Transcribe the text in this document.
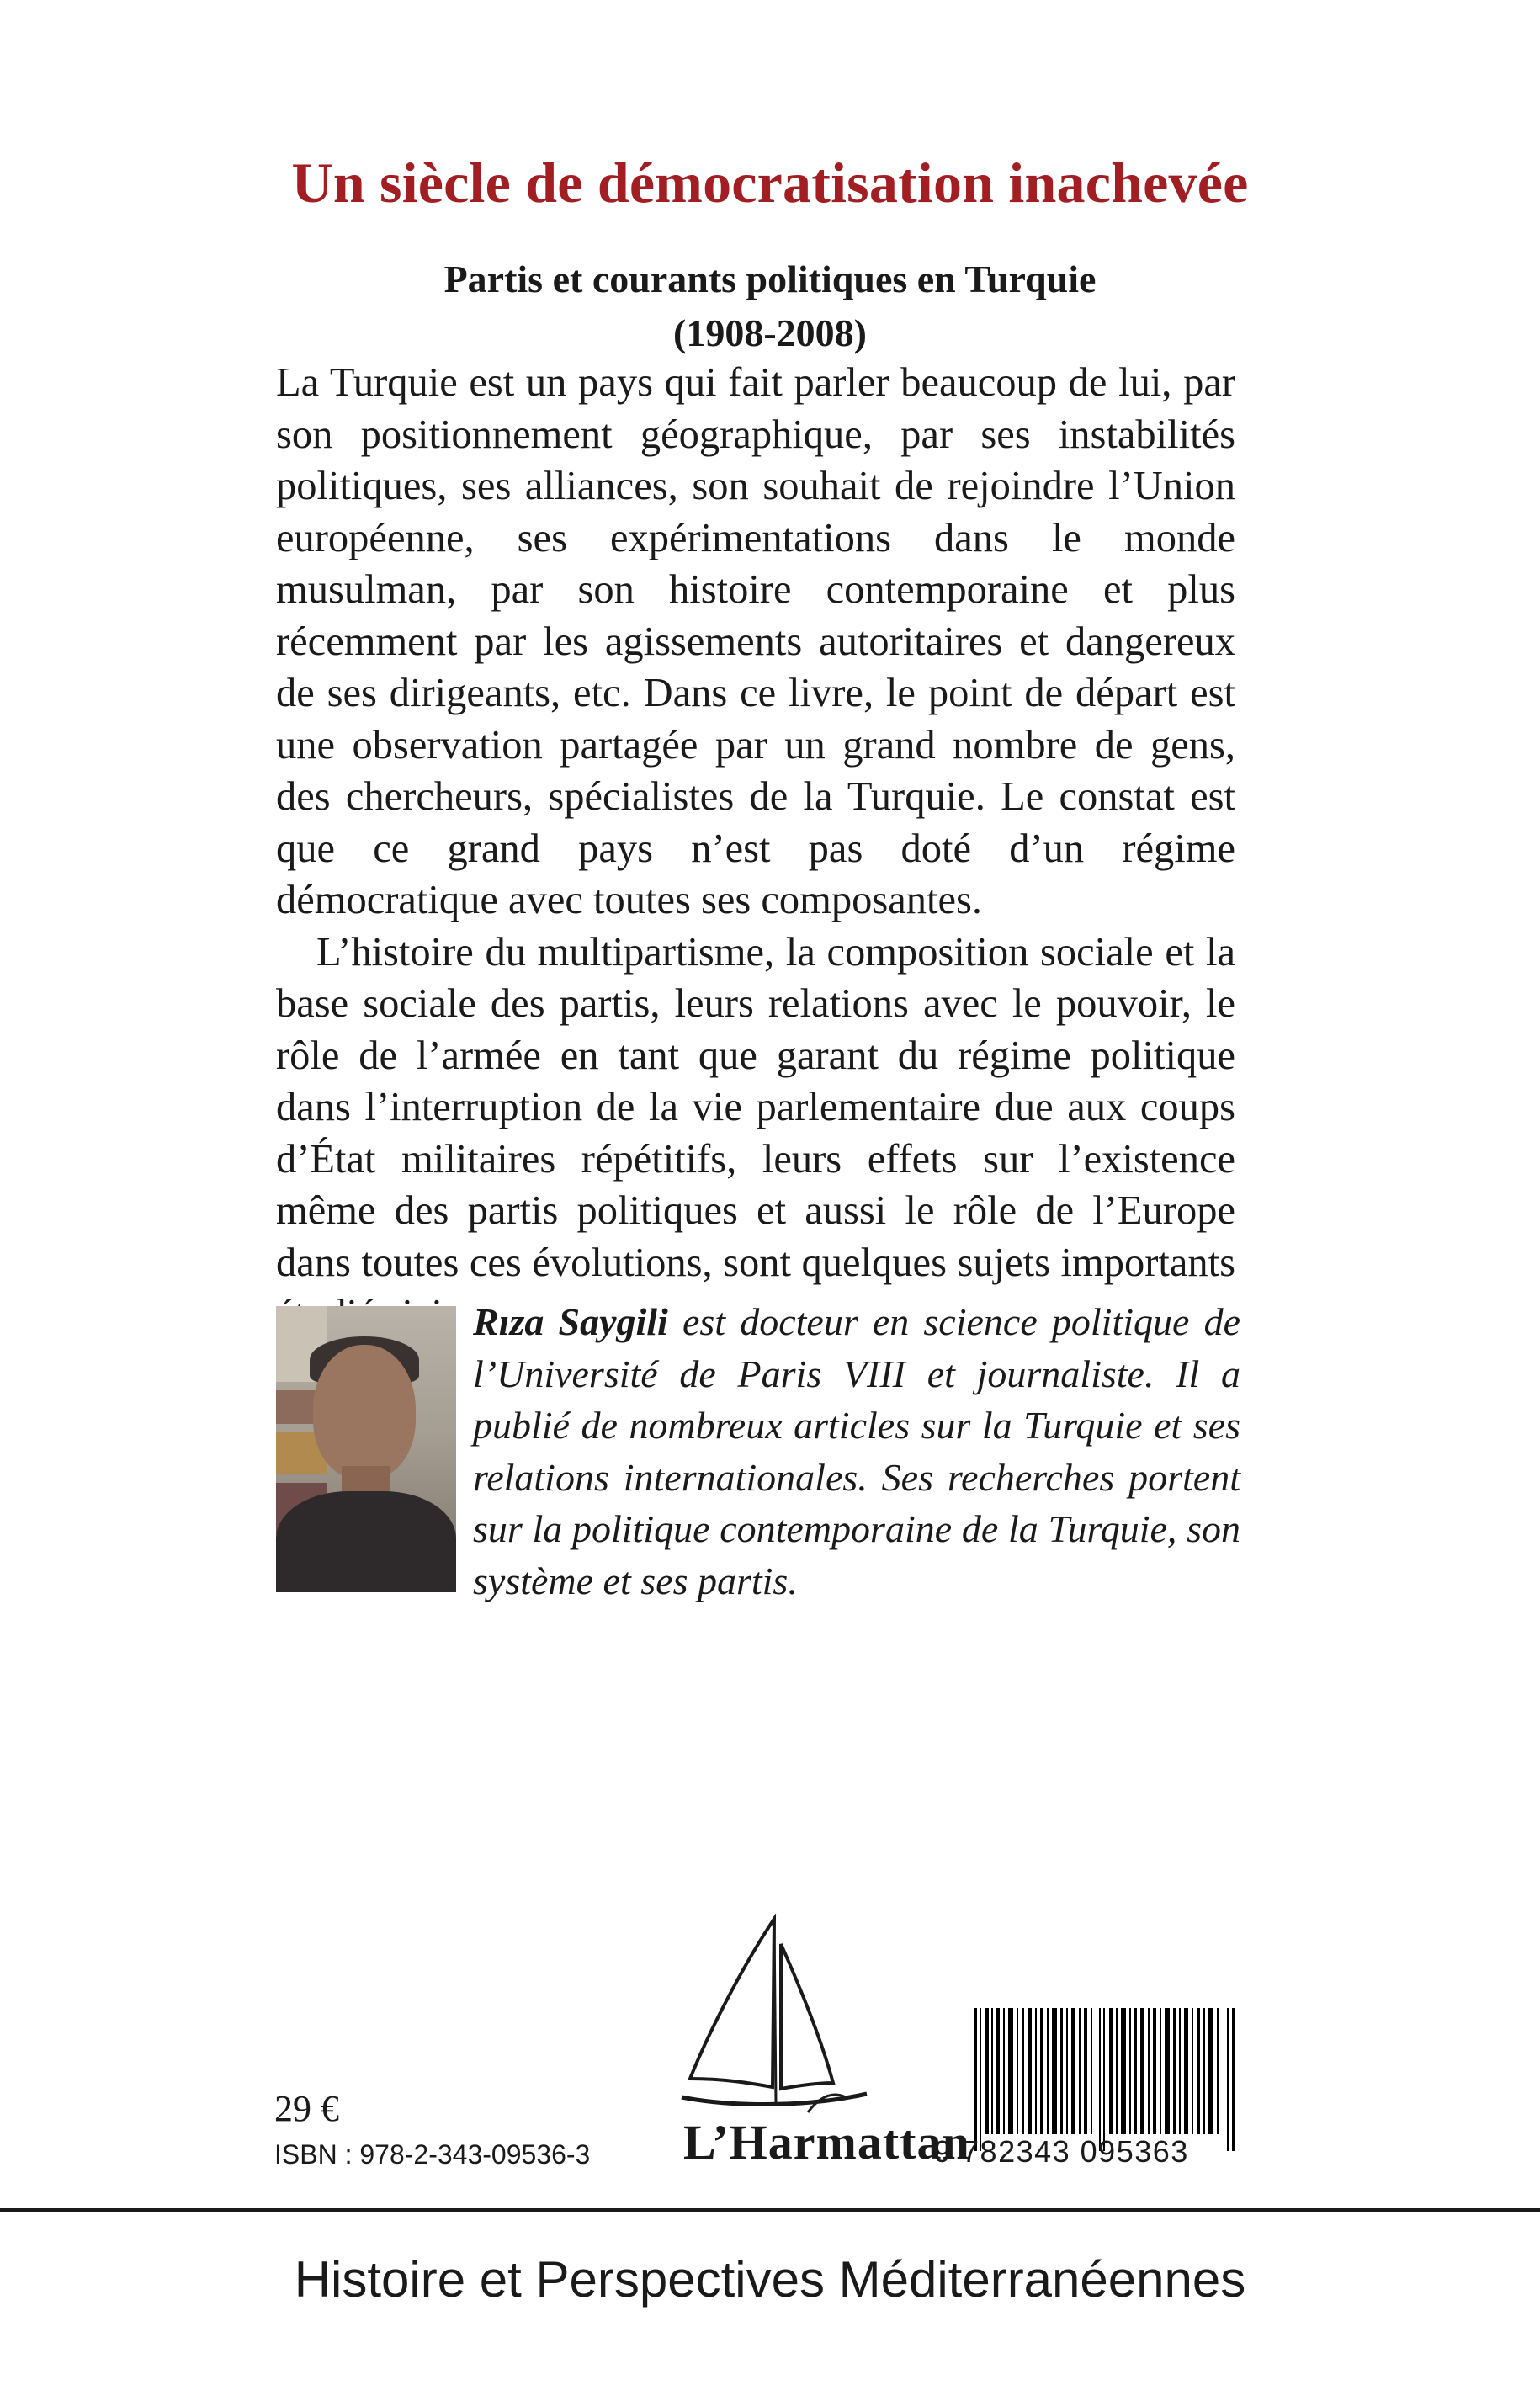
Un siècle de démocratisation inachevée
Partis et courants politiques en Turquie
(1908-2008)

La Turquie est un pays qui fait parler beaucoup de lui, par son positionnement géographique, par ses instabilités politiques, ses alliances, son souhait de rejoindre l’Union européenne, ses expérimentations dans le monde musulman, par son histoire contemporaine et plus récemment par les agissements autoritaires et dangereux de ses dirigeants, etc. Dans ce livre, le point de départ est une observation partagée par un grand nombre de gens, des chercheurs, spécialistes de la Turquie. Le constat est que ce grand pays n’est pas doté d’un régime démocratique avec toutes ses composantes.

L’histoire du multipartisme, la composition sociale et la base sociale des partis, leurs relations avec le pouvoir, le rôle de l’armée en tant que garant du régime politique dans l’interruption de la vie parlementaire due aux coups d’État militaires répétitifs, leurs effets sur l’existence même des partis politiques et aussi le rôle de l’Europe dans toutes ces évolutions, sont quelques sujets importants

Rıza Saygili est docteur en science politique de l’Université de Paris VIII et journaliste. Il a publié de nombreux articles sur la Turquie et ses relations internationales. Ses recherches portent sur la politique contemporaine de la Turquie, son système et ses partis.

29 €
ISBN : 978-2-343-09536-3 L’Harmattan
9 782343 095363
Histoire et Perspectives Méditerranéennes
